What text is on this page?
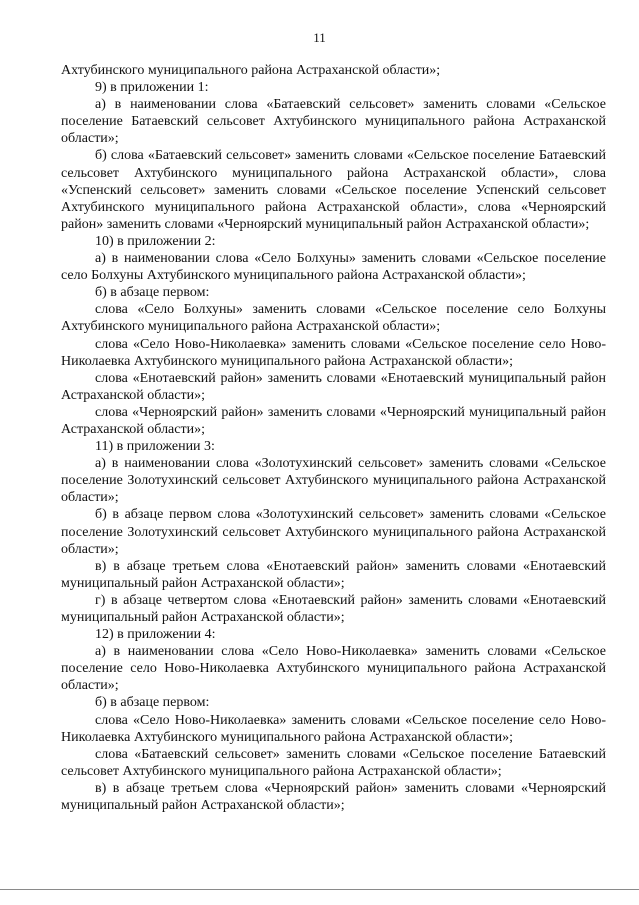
11

Ахтубинского муниципального района Астраханской области»;

9) в приложении 1:

а) в наименовании слова «Батаевский сельсовет» заменить словами «Сельское поселение Батаевский сельсовет Ахтубинского муниципального района Астраханской области»;

б) слова «Батаевский сельсовет» заменить словами «Сельское поселение Батаевский сельсовет Ахтубинского муниципального района Астраханской области», слова «Успенский сельсовет» заменить словами «Сельское поселение Успенский сельсовет Ахтубинского муниципального района Астраханской области», слова «Черноярский район» заменить словами «Черноярский муниципальный район Астраханской области»;

10) в приложении 2:

а) в наименовании слова «Село Болхуны» заменить словами «Сельское поселение село Болхуны Ахтубинского муниципального района Астраханской области»;

б) в абзаце первом:

слова «Село Болхуны» заменить словами «Сельское поселение село Болхуны Ахтубинского муниципального района Астраханской области»;

слова «Село Ново-Николаевка» заменить словами «Сельское поселение село Ново-Николаевка Ахтубинского муниципального района Астраханской области»;

слова «Енотаевский район» заменить словами «Енотаевский муниципальный район Астраханской области»;

слова «Черноярский район» заменить словами «Черноярский муниципальный район Астраханской области»;

11) в приложении 3:

а) в наименовании слова «Золотухинский сельсовет» заменить словами «Сельское поселение Золотухинский сельсовет Ахтубинского муниципального района Астраханской области»;

б) в абзаце первом слова «Золотухинский сельсовет» заменить словами «Сельское поселение Золотухинский сельсовет Ахтубинского муниципального района Астраханской области»;

в) в абзаце третьем слова «Енотаевский район» заменить словами «Енотаевский муниципальный район Астраханской области»;

г) в абзаце четвертом слова «Енотаевский район» заменить словами «Енотаевский муниципальный район Астраханской области»;

12) в приложении 4:

а) в наименовании слова «Село Ново-Николаевка» заменить словами «Сельское поселение село Ново-Николаевка Ахтубинского муниципального района Астраханской области»;

б) в абзаце первом:

слова «Село Ново-Николаевка» заменить словами «Сельское поселение село Ново-Николаевка Ахтубинского муниципального района Астраханской области»;

слова «Батаевский сельсовет» заменить словами «Сельское поселение Батаевский сельсовет Ахтубинского муниципального района Астраханской области»;

в) в абзаце третьем слова «Черноярский район» заменить словами «Черноярский муниципальный район Астраханской области»;
